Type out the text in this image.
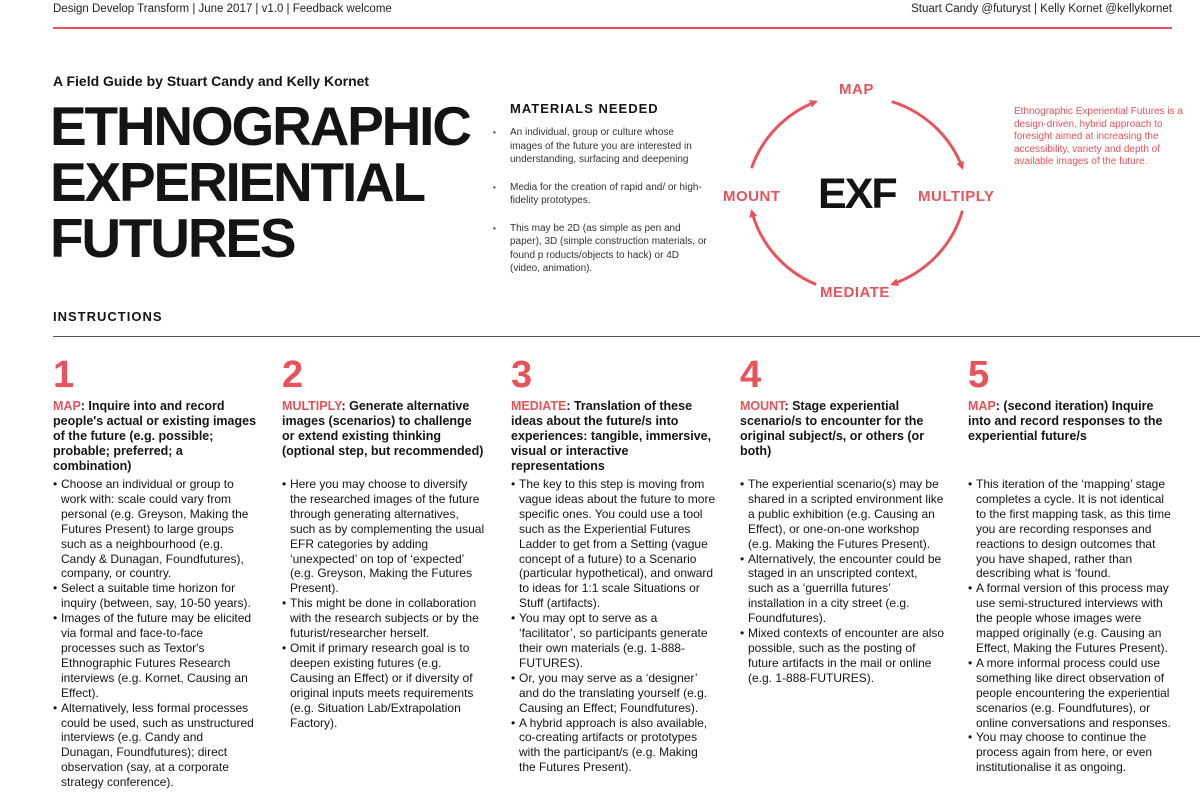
Design Develop Transform | June 2017 | v1.0 | Feedback welcome	Stuart Candy @futuryst | Kelly Kornet @kellykornet
A Field Guide by Stuart Candy and Kelly Kornet
ETHNOGRAPHIC
EXPERIENTIAL
FUTURES
MATERIALS NEEDED
• An individual, group or culture whose images of the future you are interested in understanding, surfacing and deepening
• Media for the creation of rapid and/ or high-fidelity prototypes.
• This may be 2D (as simple as pen and paper), 3D (simple construction materials, or found p roducts/objects to hack) or 4D (video, animation).
EXF
MAP
MULTIPLY
MEDIATE
MOUNT
Ethnographic Experiential Futures is a design-driven, hybrid approach to foresight aimed at increasing the accessibility, variety and depth of available images of the future.
INSTRUCTIONS
1
MAP: Inquire into and record people's actual or existing images of the future (e.g. possible; probable; preferred; a combination)
• Choose an individual or group to work with: scale could vary from personal (e.g. Greyson, Making the Futures Present) to large groups such as a neighbourhood (e.g. Candy & Dunagan, Foundfutures), company, or country.
• Select a suitable time horizon for inquiry (between, say, 10-50 years).
• Images of the future may be elicited via formal and face-to-face processes such as Textor's Ethnographic Futures Research interviews (e.g. Kornet, Causing an Effect).
• Alternatively, less formal processes could be used, such as unstructured interviews (e.g. Candy and Dunagan, Foundfutures); direct observation (say, at a corporate strategy conference).
2
MULTIPLY: Generate alternative images (scenarios) to challenge or extend existing thinking (optional step, but recommended)
• Here you may choose to diversify the researched images of the future through generating alternatives, such as by complementing the usual EFR categories by adding ‘unexpected’ on top of ‘expected’ (e.g. Greyson, Making the Futures Present).
• This might be done in collaboration with the research subjects or by the futurist/researcher herself.
• Omit if primary research goal is to deepen existing futures (e.g. Causing an Effect) or if diversity of original inputs meets requirements (e.g. Situation Lab/Extrapolation Factory).
3
MEDIATE: Translation of these ideas about the future/s into experiences: tangible, immersive, visual or interactive representations
• The key to this step is moving from vague ideas about the future to more specific ones. You could use a tool such as the Experiential Futures Ladder to get from a Setting (vague concept of a future) to a Scenario (particular hypothetical), and onward to ideas for 1:1 scale Situations or Stuff (artifacts).
• You may opt to serve as a ‘facilitator’, so participants generate their own materials (e.g. 1-888-FUTURES).
• Or, you may serve as a ‘designer’ and do the translating yourself (e.g. Causing an Effect; Foundfutures).
• A hybrid approach is also available, co-creating artifacts or prototypes with the participant/s (e.g. Making the Futures Present).
4
MOUNT: Stage experiential scenario/s to encounter for the original subject/s, or others (or both)
• The experiential scenario(s) may be shared in a scripted environment like a public exhibition (e.g. Causing an Effect), or one-on-one workshop (e.g. Making the Futures Present).
• Alternatively, the encounter could be staged in an unscripted context, such as a ‘guerrilla futures’ installation in a city street (e.g. Foundfutures).
• Mixed contexts of encounter are also possible, such as the posting of future artifacts in the mail or online (e.g. 1-888-FUTURES).
5
MAP: (second iteration) Inquire into and record responses to the experiential future/s
• This iteration of the ‘mapping’ stage completes a cycle. It is not identical to the first mapping task, as this time you are recording responses and reactions to design outcomes that you have shaped, rather than describing what is ‘found.
• A formal version of this process may use semi-structured interviews with the people whose images were mapped originally (e.g. Causing an Effect, Making the Futures Present).
• A more informal process could use something like direct observation of people encountering the experiential scenarios (e.g. Foundfutures), or online conversations and responses.
• You may choose to continue the process again from here, or even institutionalise it as ongoing.
